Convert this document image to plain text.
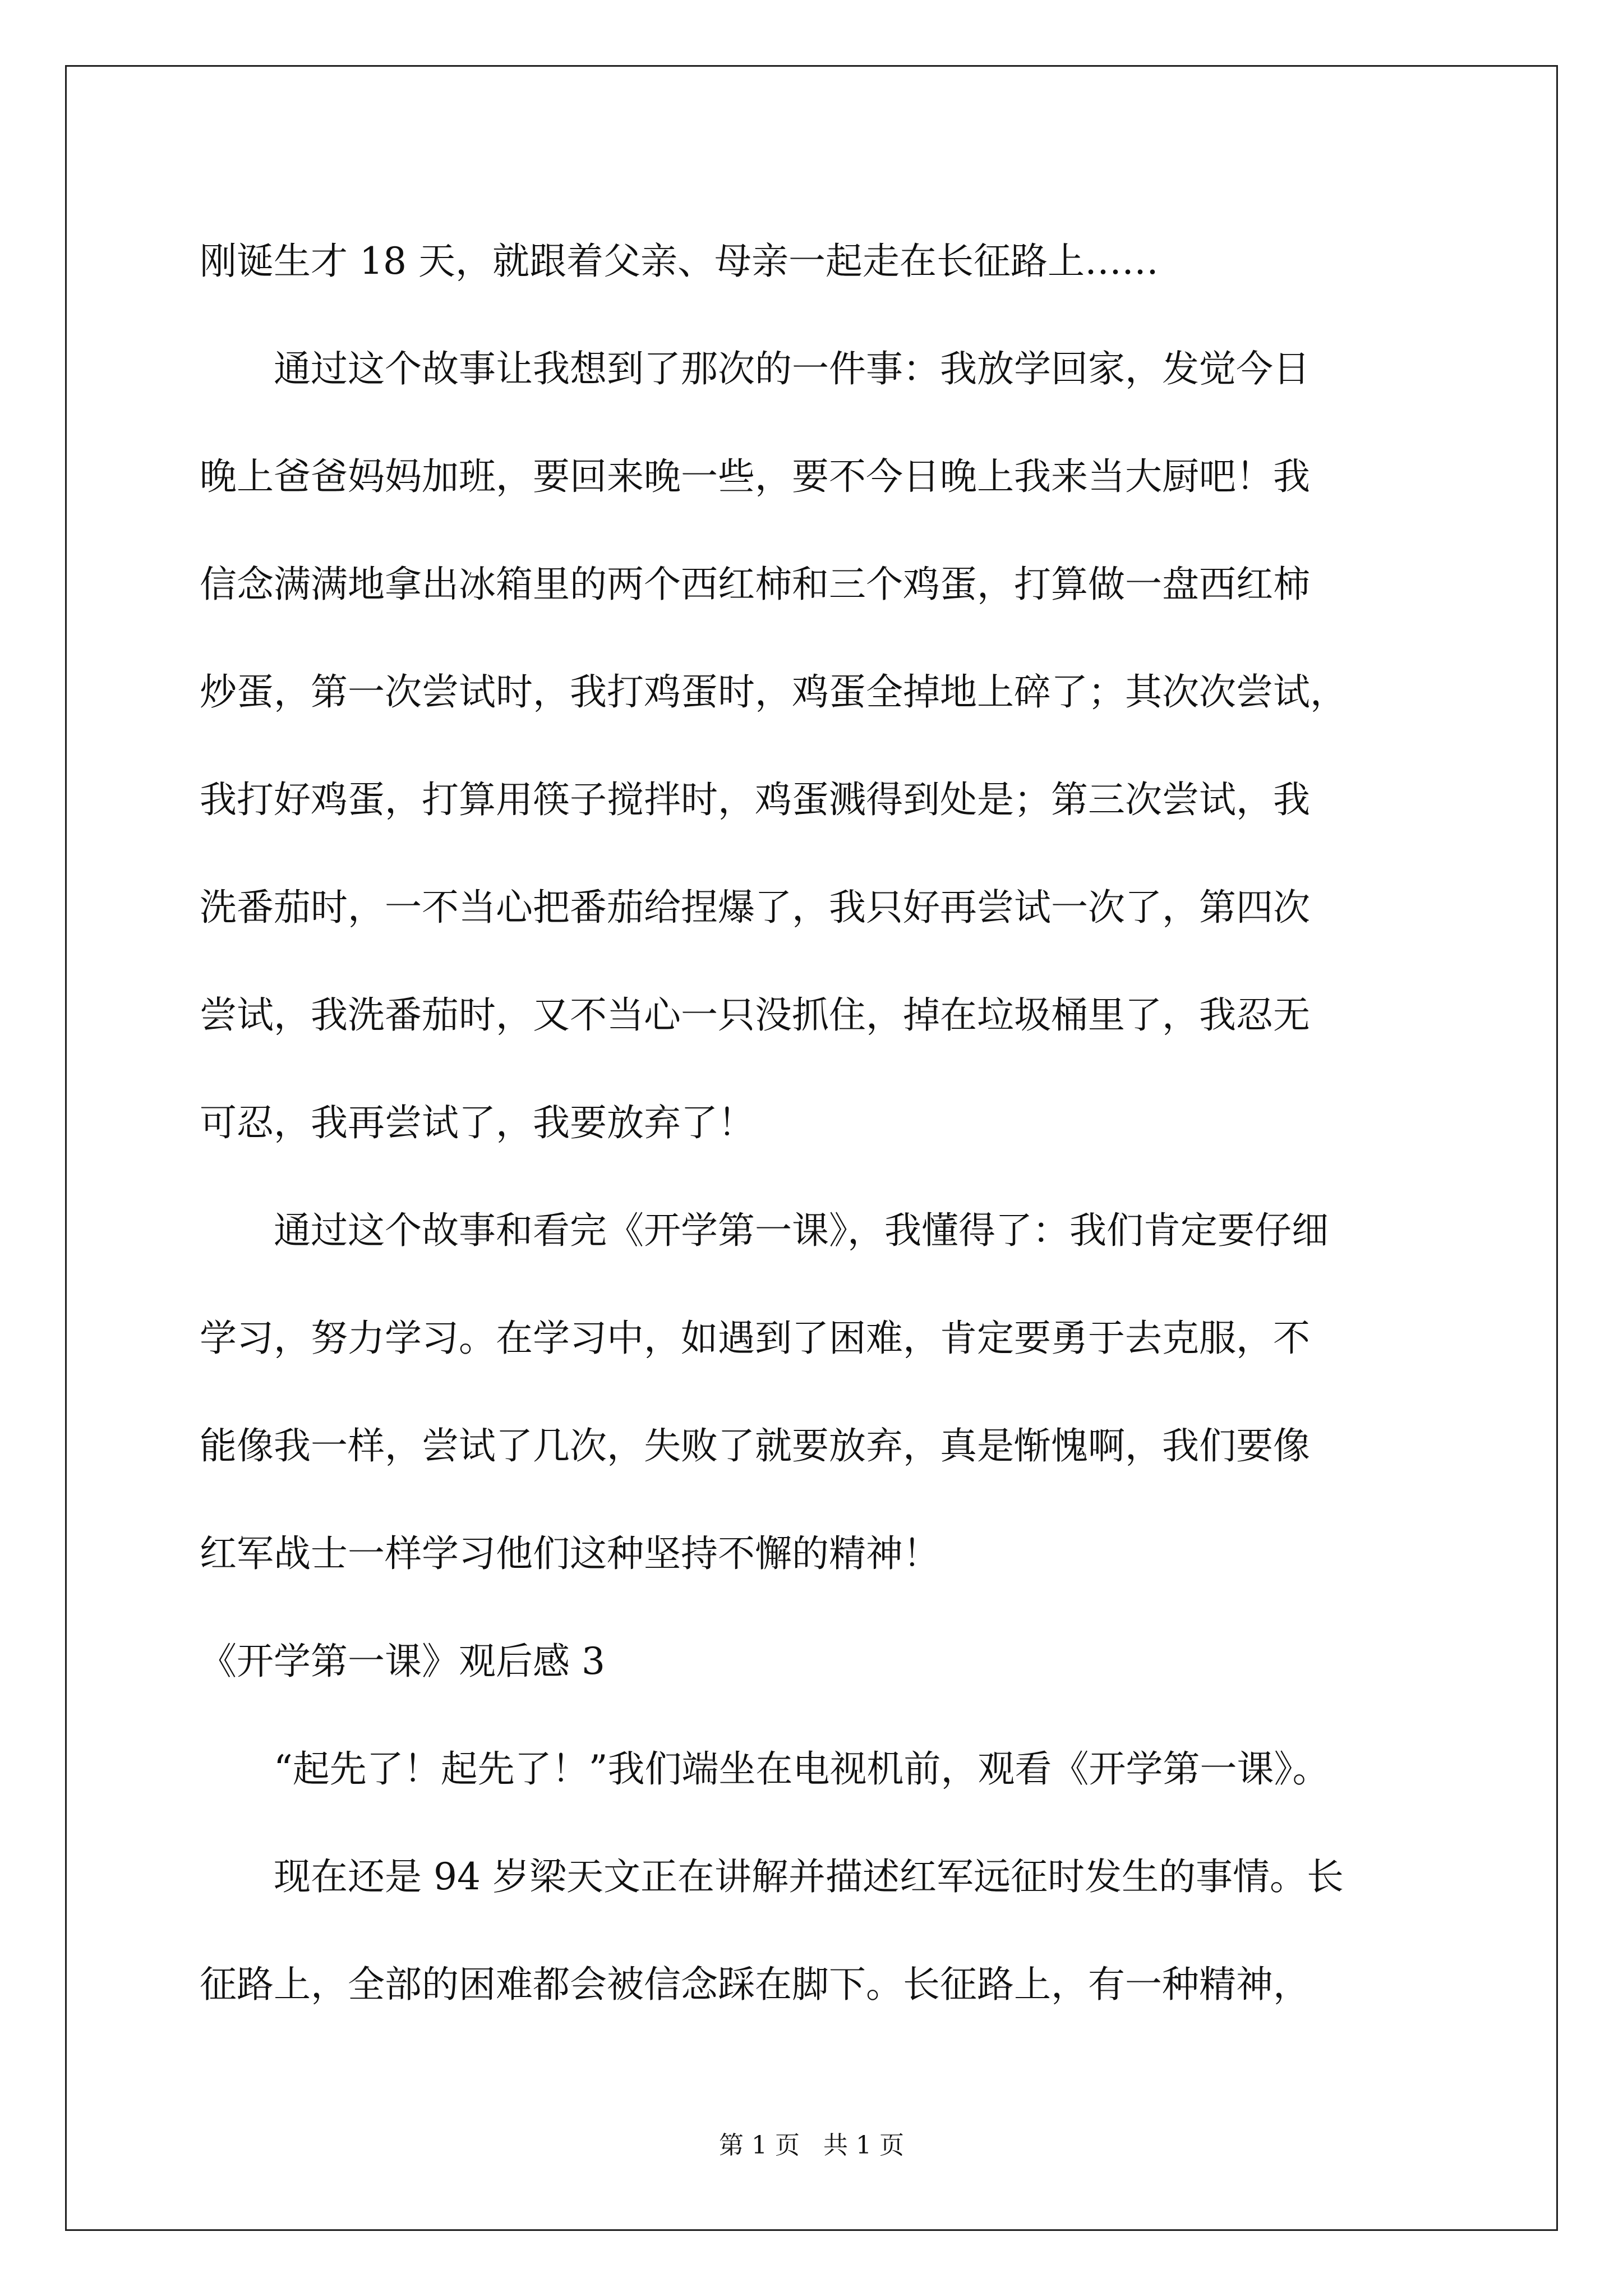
刚诞生才 18 天，就跟着父亲、母亲一起走在长征路上……
通过这个故事让我想到了那次的一件事：我放学回家，发觉今日
晚上爸爸妈妈加班，要回来晚一些，要不今日晚上我来当大厨吧！我
信念满满地拿出冰箱里的两个西红柿和三个鸡蛋，打算做一盘西红柿
炒蛋，第一次尝试时，我打鸡蛋时，鸡蛋全掉地上碎了；其次次尝试，
我打好鸡蛋，打算用筷子搅拌时，鸡蛋溅得到处是；第三次尝试，我
洗番茄时，一不当心把番茄给捏爆了，我只好再尝试一次了，第四次
尝试，我洗番茄时，又不当心一只没抓住，掉在垃圾桶里了，我忍无
可忍，我再尝试了，我要放弃了！
通过这个故事和看完《开学第一课》，我懂得了：我们肯定要仔细
学习，努力学习。在学习中，如遇到了困难，肯定要勇于去克服，不
能像我一样，尝试了几次，失败了就要放弃，真是惭愧啊，我们要像
红军战士一样学习他们这种坚持不懈的精神！
《开学第一课》观后感 3
“起先了！起先了！”我们端坐在电视机前，观看《开学第一课》。
现在还是 94 岁梁天文正在讲解并描述红军远征时发生的事情。长
征路上，全部的困难都会被信念踩在脚下。长征路上，有一种精神，
第 1 页   共 1 页
